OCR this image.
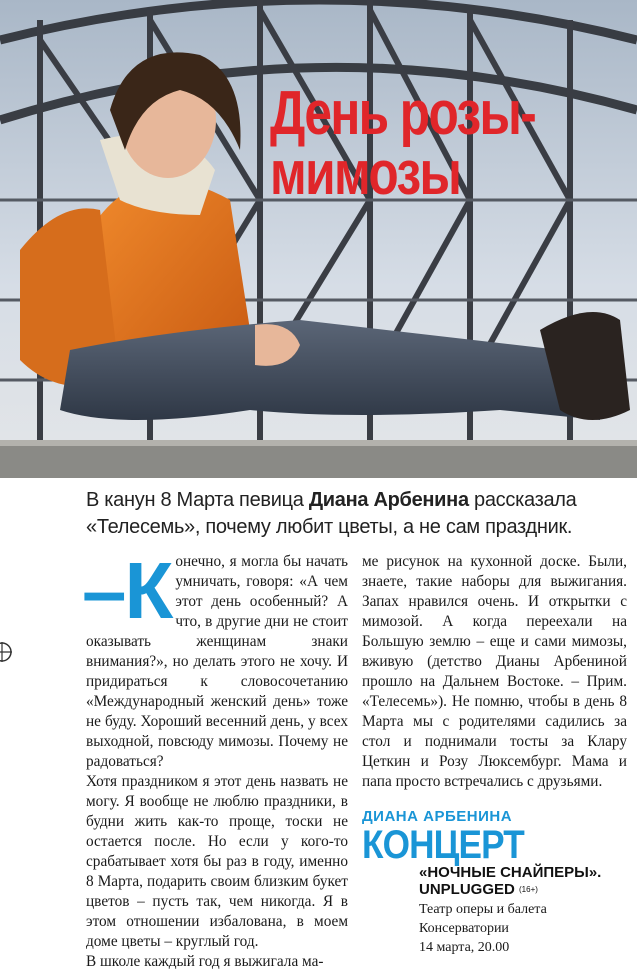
День розы-
мимозы

В канун 8 Марта певица Диана Арбенина рассказала «Телесемь», почему любит цветы, а не сам праздник.

–К онечно, я могла бы начать умничать, говоря: «А чем этот день особенный? А что, в другие дни не стоит оказывать женщинам знаки внимания?», но делать этого не хочу. И придираться к словосочетанию «Международный женский день» тоже не буду. Хороший весенний день, у всех выходной, повсюду мимозы. Почему не радоваться?

Хотя праздником я этот день назвать не могу. Я вообще не люблю праздники, в будни жить как-то проще, тоски не остается после. Но если у кого-то срабатывает хотя бы раз в году, именно 8 Марта, подарить своим близким букет цветов – пусть так, чем никогда. Я в этом отношении избалована, в моем доме цветы – круглый год.

В школе каждый год я выжигала ма-

ме рисунок на кухонной доске. Были, знаете, такие наборы для выжигания. Запах нравился очень. И открытки с мимозой. А когда переехали на Большую землю – еще и сами мимозы, вживую (детство Дианы Арбениной прошло на Дальнем Востоке. – Прим. «Телесемь»). Не помню, чтобы в день 8 Марта мы с родителями садились за стол и поднимали тосты за Клару Цеткин и Розу Люксембург. Мама и папа просто встречались с друзьями.

ДИАНА АРБЕНИНА

КОНЦЕРТ

«НОЧНЫЕ СНАЙПЕРЫ». UNPLUGGED $^{(16+)}$

Театр оперы и балета Консерватории
14 марта, 20.00
